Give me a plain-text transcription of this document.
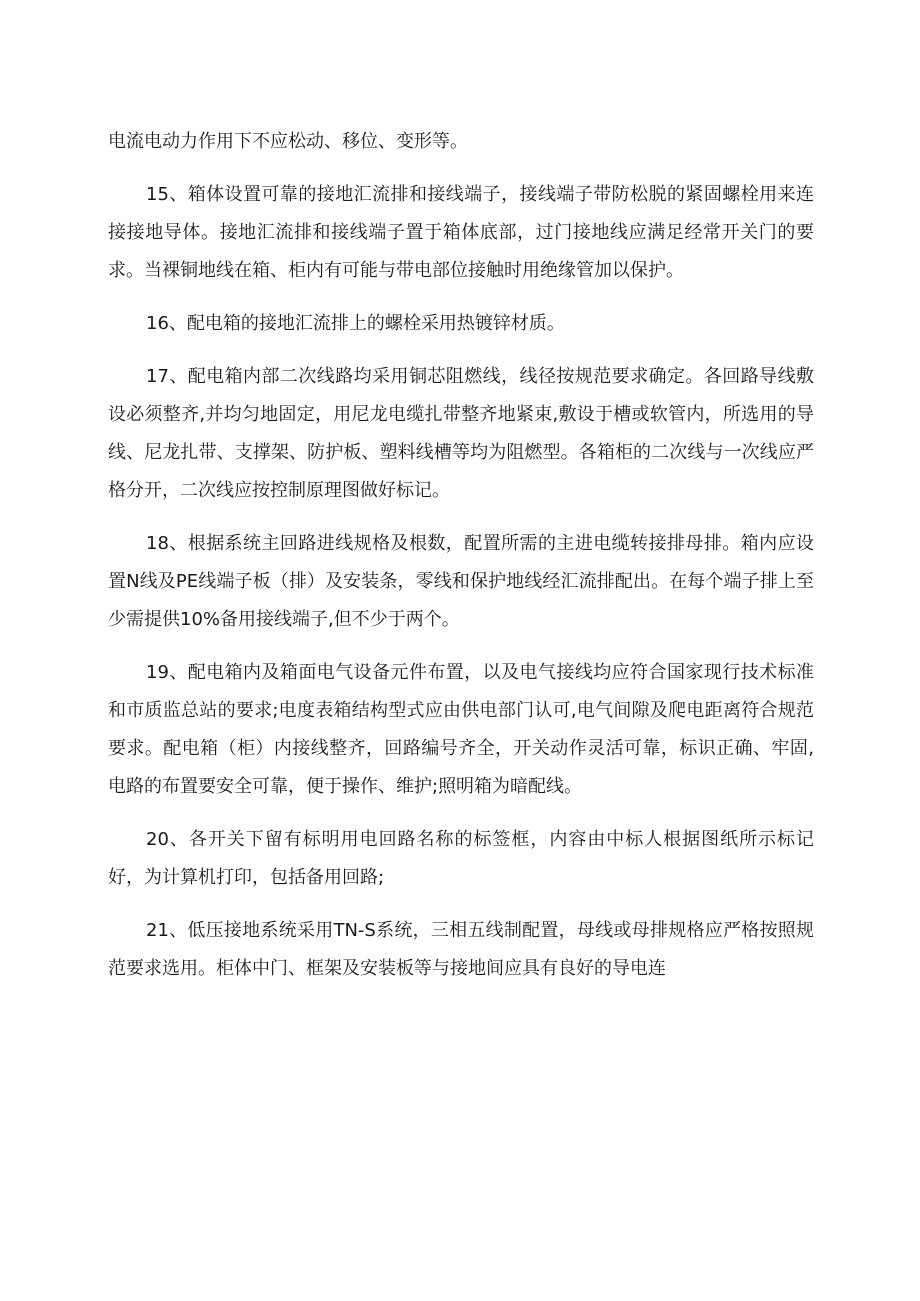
电流电动力作用下不应松动、移位、变形等。

15、箱体设置可靠的接地汇流排和接线端子，接线端子带防松脱的紧固螺栓用来连接接地导体。接地汇流排和接线端子置于箱体底部，过门接地线应满足经常开关门的要求。当裸铜地线在箱、柜内有可能与带电部位接触时用绝缘管加以保护。

16、配电箱的接地汇流排上的螺栓采用热镀锌材质。

17、配电箱内部二次线路均采用铜芯阻燃线，线径按规范要求确定。各回路导线敷设必须整齐,并均匀地固定，用尼龙电缆扎带整齐地紧束,敷设于槽或软管内，所选用的导线、尼龙扎带、支撑架、防护板、塑料线槽等均为阻燃型。各箱柜的二次线与一次线应严格分开，二次线应按控制原理图做好标记。

18、根据系统主回路进线规格及根数，配置所需的主进电缆转接排母排。箱内应设置N线及PE线端子板（排）及安装条，零线和保护地线经汇流排配出。在每个端子排上至少需提供10%备用接线端子,但不少于两个。

19、配电箱内及箱面电气设备元件布置，以及电气接线均应符合国家现行技术标准和市质监总站的要求;电度表箱结构型式应由供电部门认可,电气间隙及爬电距离符合规范要求。配电箱（柜）内接线整齐，回路编号齐全，开关动作灵活可靠，标识正确、牢固,电路的布置要安全可靠，便于操作、维护;照明箱为暗配线。

20、各开关下留有标明用电回路名称的标签框，内容由中标人根据图纸所示标记好，为计算机打印，包括备用回路;

21、低压接地系统采用TN-S系统，三相五线制配置，母线或母排规格应严格按照规范要求选用。柜体中门、框架及安装板等与接地间应具有良好的导电连
